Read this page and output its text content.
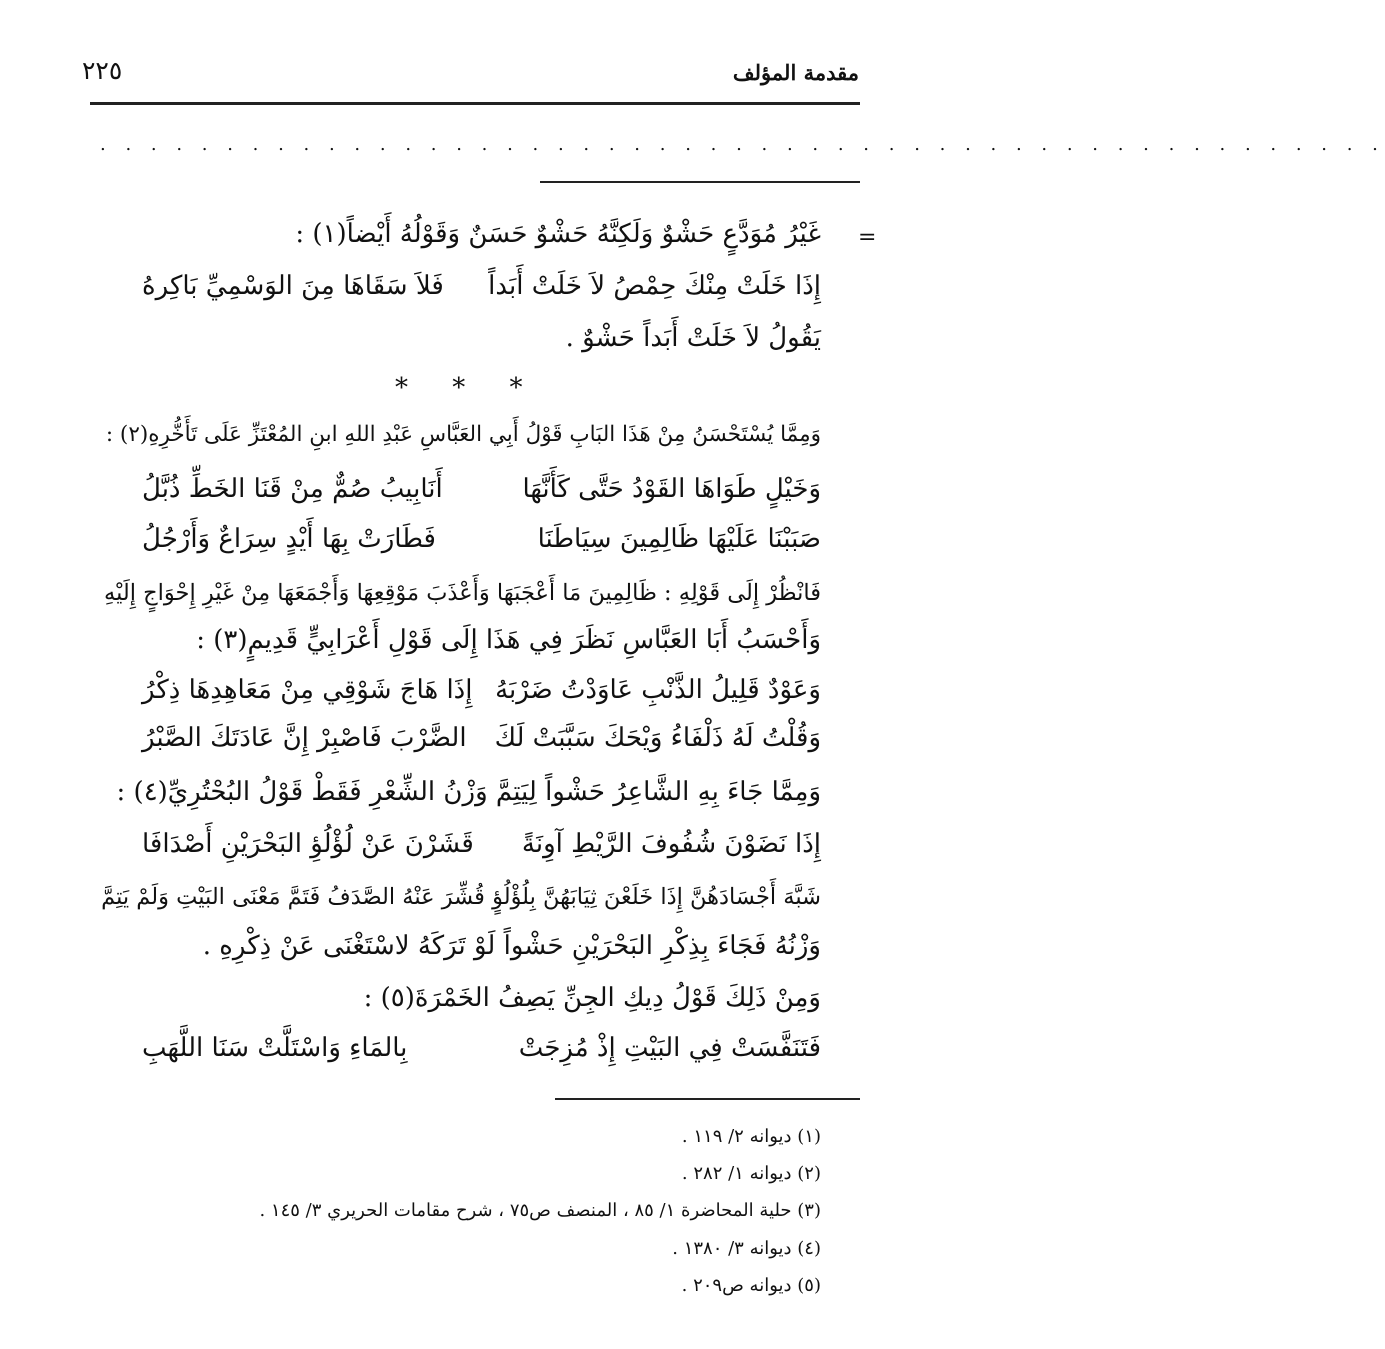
مقدمة المؤلف
٢٢٥
. . . . . . . . . . . . . . . . . . . . . . . . . . . . . . . . . . . . . . . . . . . . . . . . . . .
=
غَيْرُ مُوَدَّعٍ حَشْوٌ وَلَكِنَّهُ حَشْوٌ حَسَنٌ وَقَوْلُهُ أَيْضاً(١) :
إِذَا خَلَتْ مِنْكَ حِمْصُ لاَ خَلَتْ أَبَداً
فَلاَ سَقَاهَا مِنَ الوَسْمِيِّ بَاكِرهُ
يَقُولُ لاَ خَلَتْ أَبَداً حَشْوٌ .
* * *
وَمِمَّا يُسْتَحْسَنُ مِنْ هَذَا البَابِ قَوْلُ أَبِي العَبَّاسِ عَبْدِ اللهِ ابنِ المُعْتَزِّ عَلَى تَأَخُّرِهِ(٢) :
وَخَيْلٍ طَوَاهَا القَوْدُ حَتَّى كَأَنَّهَا
أَنَابِيبُ صُمٌّ مِنْ قَنَا الخَطِّ ذُبَّلُ
صَبَبْنَا عَلَيْهَا ظَالِمِينَ سِيَاطَنَا
فَطَارَتْ بِهَا أَيْدٍ سِرَاعٌ وَأَرْجُلُ
فَانْظُرْ إِلَى قَوْلِهِ : ظَالِمِينَ مَا أَعْجَبَهَا وَأَعْذَبَ مَوْقِعِهَا وَأَجْمَعَهَا مِنْ غَيْرِ إِحْوَاجٍ إِلَيْهِ
وَأَحْسَبُ أَبَا العَبَّاسِ نَظَرَ فِي هَذَا إِلَى قَوْلِ أَعْرَابِيٍّ قَدِيمٍ(٣) :
وَعَوْدٌ قَلِيلُ الذَّنْبِ عَاوَدْتُ ضَرْبَهُ
إِذَا هَاجَ شَوْقِي مِنْ مَعَاهِدِهَا ذِكْرُ
وَقُلْتُ لَهُ ذَلْفَاءُ وَيْحَكَ سَبَّبَتْ لَكَ
الضَّرْبَ فَاصْبِرْ إِنَّ عَادَتَكَ الصَّبْرُ
وَمِمَّا جَاءَ بِهِ الشَّاعِرُ حَشْواً لِيَتِمَّ وَزْنُ الشِّعْرِ فَقَطْ قَوْلُ البُحْتُرِيِّ(٤) :
إِذَا نَضَوْنَ شُفُوفَ الرَّيْطِ آوِنَةً
قَشَرْنَ عَنْ لُؤْلُؤِ البَحْرَيْنِ أَصْدَافَا
شَبَّهَ أَجْسَادَهُنَّ إِذَا خَلَعْنَ ثِيَابَهُنَّ بِلُؤْلُؤٍ قُشِّرَ عَنْهُ الصَّدَفُ فَتَمَّ مَعْنَى البَيْتِ وَلَمْ يَتِمَّ
وَزْنُهُ فَجَاءَ بِذِكْرِ البَحْرَيْنِ حَشْواً لَوْ تَرَكَهُ لاسْتَغْنَى عَنْ ذِكْرِهِ .
وَمِنْ ذَلِكَ قَوْلُ دِيكِ الجِنِّ يَصِفُ الخَمْرَةَ(٥) :
فَتَنَفَّسَتْ فِي البَيْتِ إِذْ مُزِجَتْ
بِالمَاءِ وَاسْتَلَّتْ سَنَا اللَّهَبِ
(١) ديوانه ٢/ ١١٩ .
(٢) ديوانه ١/ ٢٨٢ .
(٣) حلية المحاضرة ١/ ٨٥ ، المنصف ص٧٥ ، شرح مقامات الحريري ٣/ ١٤٥ .
(٤) ديوانه ٣/ ١٣٨٠ .
(٥) ديوانه ص٢٠٩ .
